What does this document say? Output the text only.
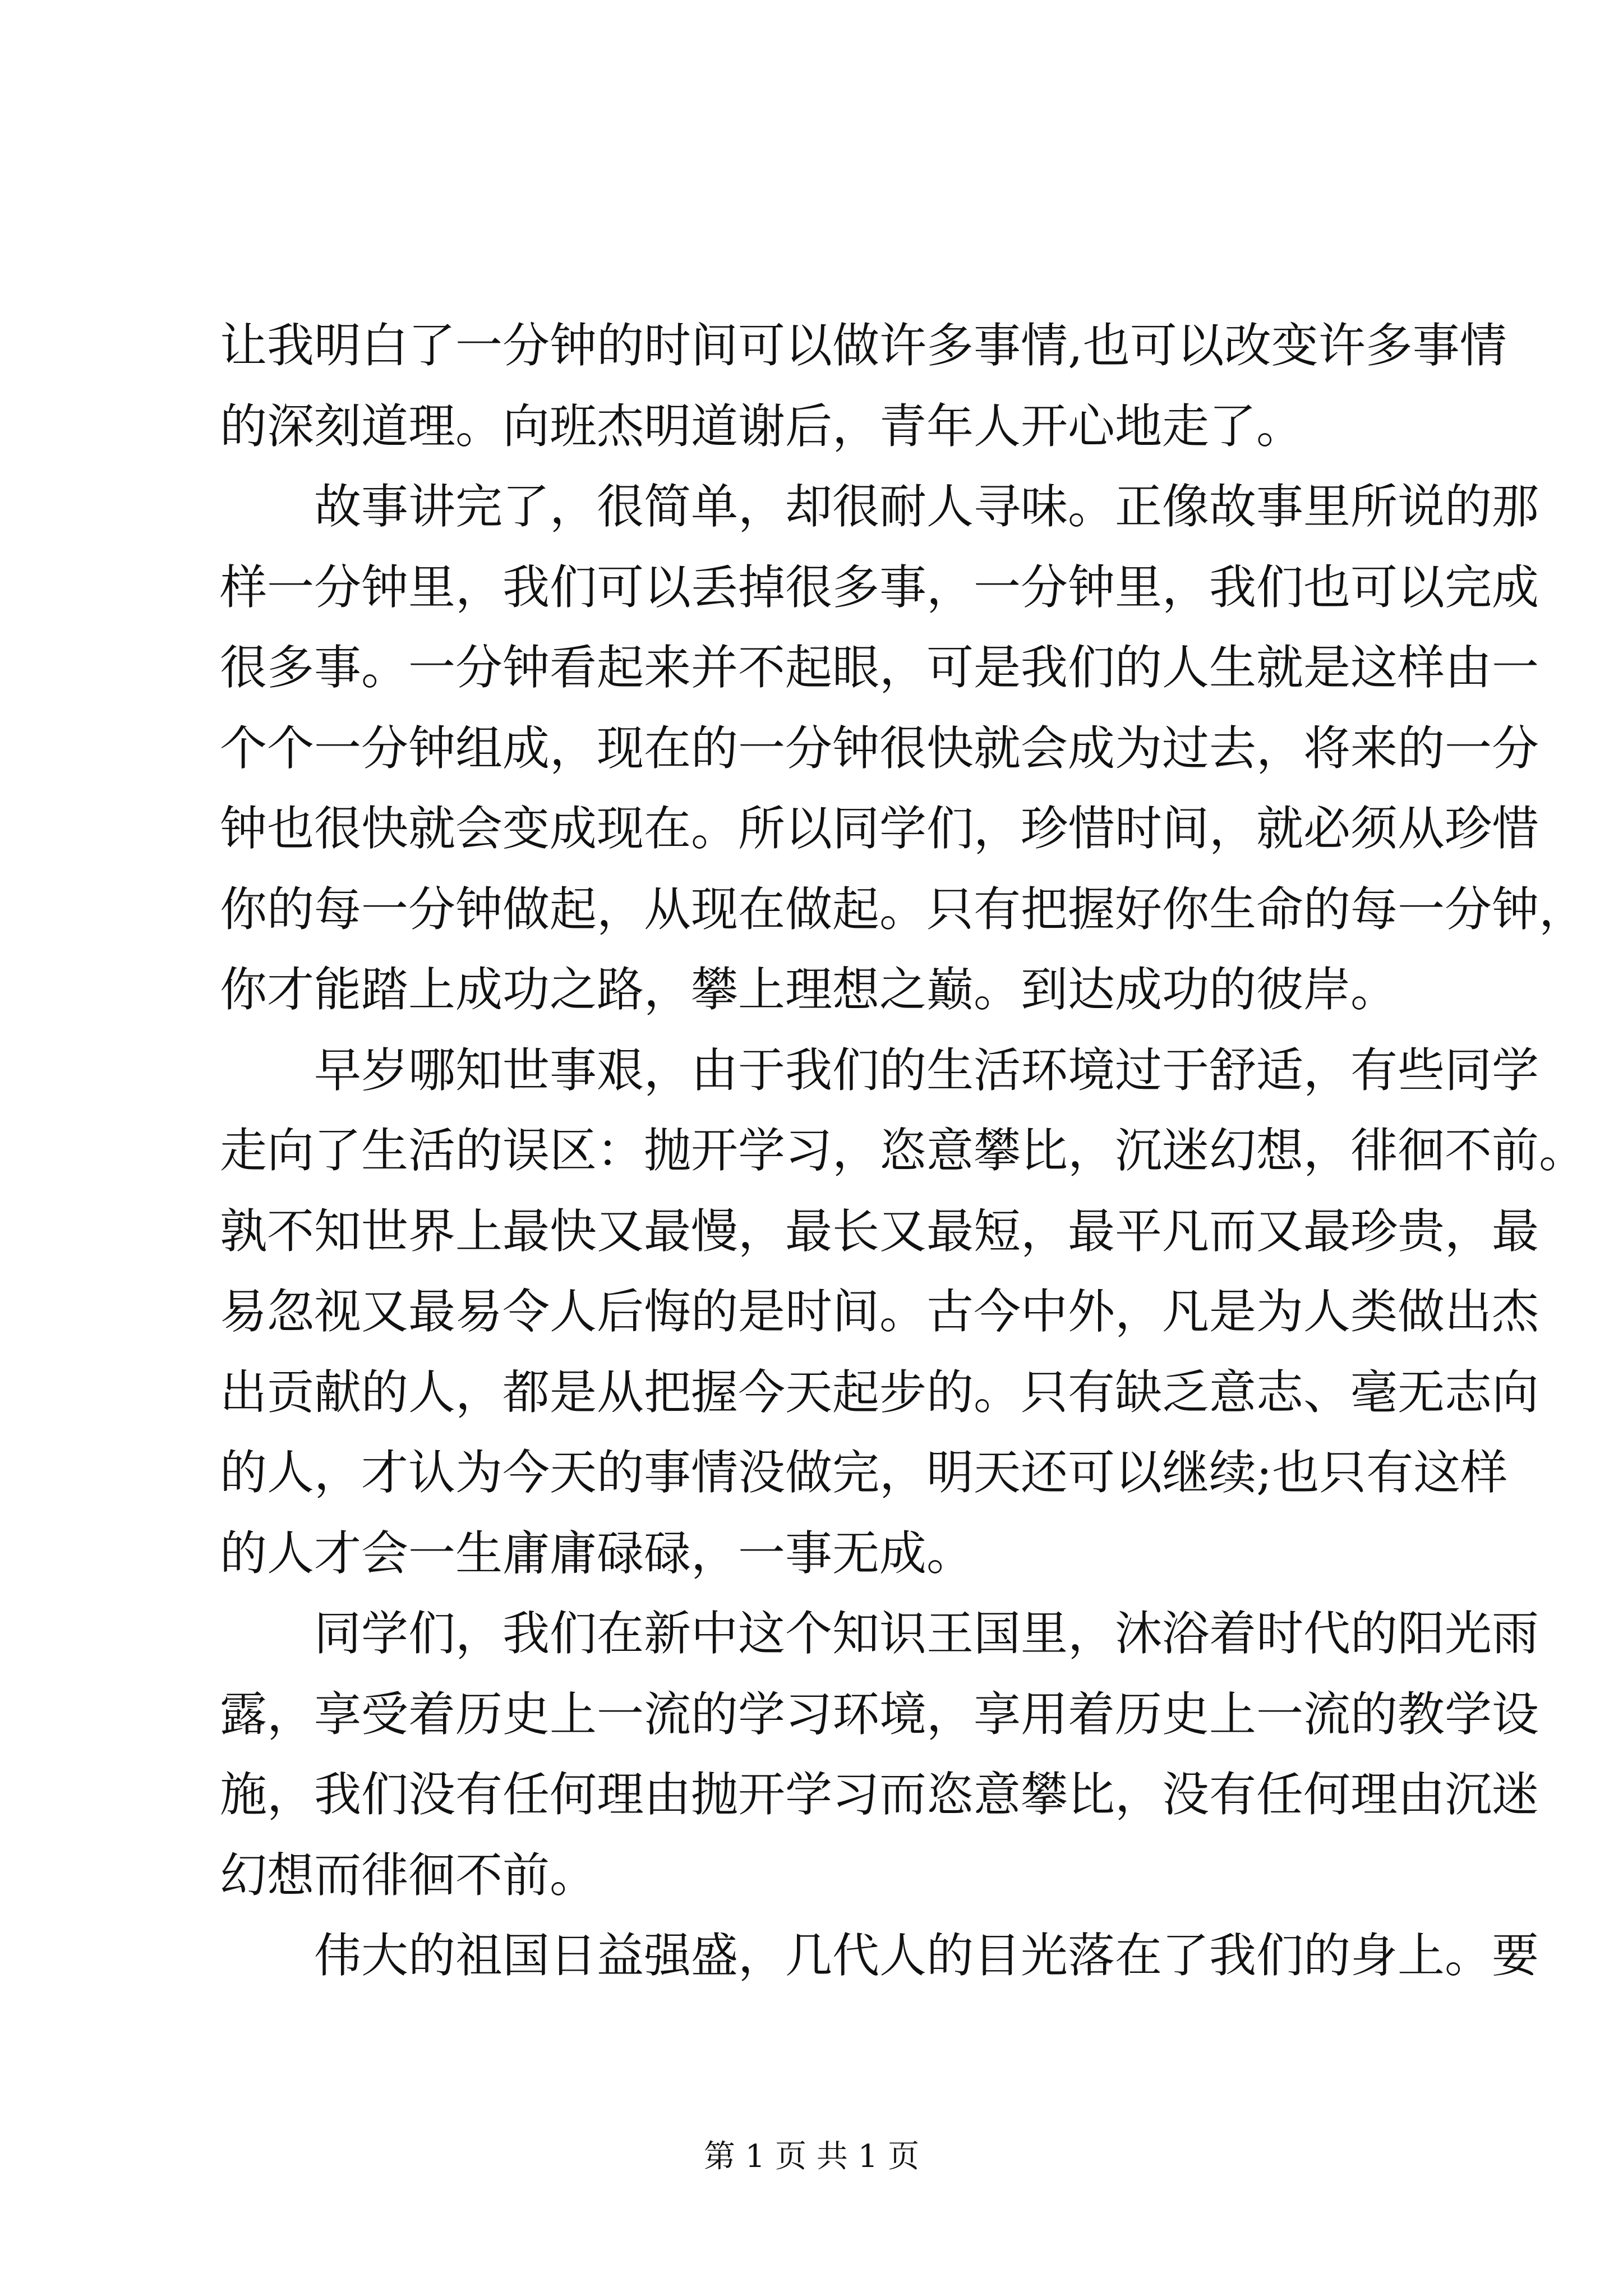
让我明白了一分钟的时间可以做许多事情,也可以改变许多事情
的深刻道理。向班杰明道谢后，青年人开心地走了。
故事讲完了，很简单，却很耐人寻味。正像故事里所说的那
样一分钟里，我们可以丢掉很多事，一分钟里，我们也可以完成
很多事。一分钟看起来并不起眼，可是我们的人生就是这样由一
个个一分钟组成，现在的一分钟很快就会成为过去，将来的一分
钟也很快就会变成现在。所以同学们，珍惜时间，就必须从珍惜
你的每一分钟做起，从现在做起。只有把握好你生命的每一分钟，
你才能踏上成功之路，攀上理想之巅。到达成功的彼岸。
早岁哪知世事艰，由于我们的生活环境过于舒适，有些同学
走向了生活的误区：抛开学习，恣意攀比，沉迷幻想，徘徊不前。
孰不知世界上最快又最慢，最长又最短，最平凡而又最珍贵，最
易忽视又最易令人后悔的是时间。古今中外，凡是为人类做出杰
出贡献的人，都是从把握今天起步的。只有缺乏意志、毫无志向
的人，才认为今天的事情没做完，明天还可以继续;也只有这样
的人才会一生庸庸碌碌，一事无成。
同学们，我们在新中这个知识王国里，沐浴着时代的阳光雨
露，享受着历史上一流的学习环境，享用着历史上一流的教学设
施，我们没有任何理由抛开学习而恣意攀比，没有任何理由沉迷
幻想而徘徊不前。
伟大的祖国日益强盛，几代人的目光落在了我们的身上。要
第 1 页 共 1 页
